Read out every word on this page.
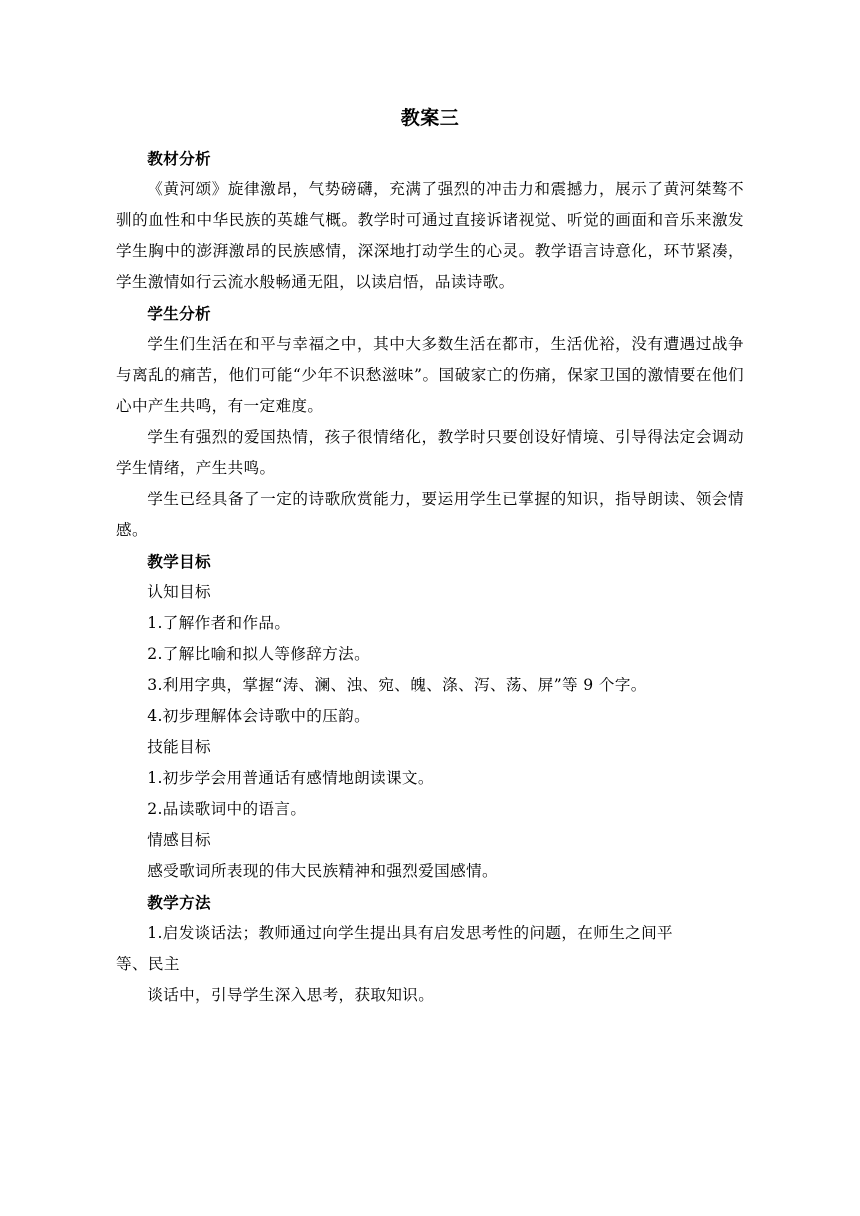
教案三

教材分析

《黄河颂》旋律激昂，气势磅礴，充满了强烈的冲击力和震撼力，展示了黄河桀骜不驯的血性和中华民族的英雄气概。教学时可通过直接诉诸视觉、听觉的画面和音乐来激发学生胸中的澎湃激昂的民族感情，深深地打动学生的心灵。教学语言诗意化，环节紧凑，学生激情如行云流水般畅通无阻，以读启悟，品读诗歌。

学生分析

学生们生活在和平与幸福之中，其中大多数生活在都市，生活优裕，没有遭遇过战争与离乱的痛苦，他们可能“少年不识愁滋味”。国破家亡的伤痛，保家卫国的激情要在他们心中产生共鸣，有一定难度。

学生有强烈的爱国热情，孩子很情绪化，教学时只要创设好情境、引导得法定会调动学生情绪，产生共鸣。

学生已经具备了一定的诗歌欣赏能力，要运用学生已掌握的知识，指导朗读、领会情感。

教学目标

认知目标

1.了解作者和作品。

2.了解比喻和拟人等修辞方法。

3.利用字典，掌握“涛、澜、浊、宛、魄、涤、泻、荡、屏”等 9 个字。

4.初步理解体会诗歌中的压韵。

技能目标

1.初步学会用普通话有感情地朗读课文。

2.品读歌词中的语言。

情感目标

感受歌词所表现的伟大民族精神和强烈爱国感情。

教学方法

1.启发谈话法；教师通过向学生提出具有启发思考性的问题，在师生之间平

等、民主

谈话中，引导学生深入思考，获取知识。
